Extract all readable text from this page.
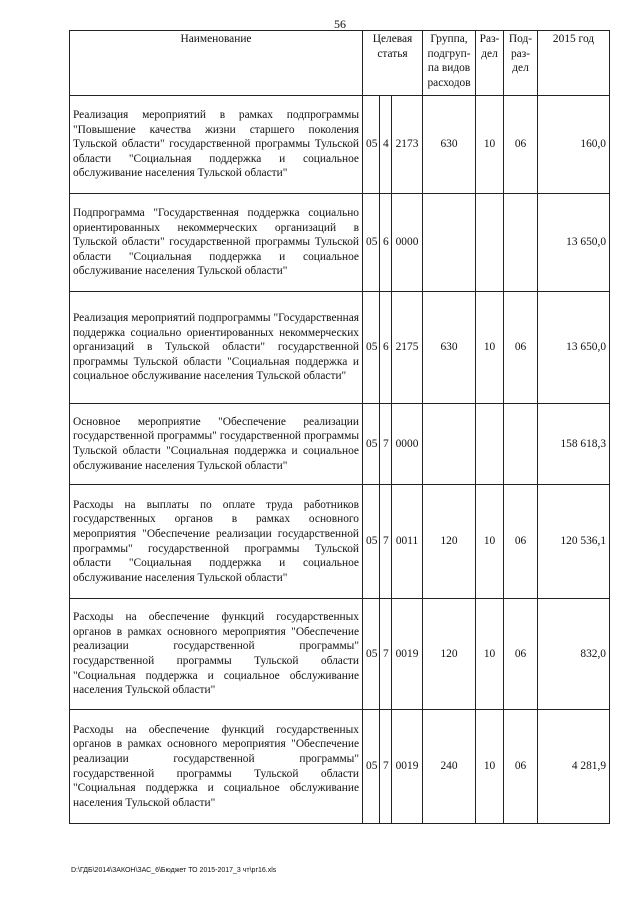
56
Наименование	Целевая статья			Группа, подгруп-па видов расходов	Раз-дел	Под-раз-дел	2015 год
Реализация мероприятий в рамках подпрограммы "Повышение качества жизни старшего поколения Тульской области" государственной программы Тульской области "Социальная поддержка и социальное обслуживание населения Тульской области"	05	4	2173	630	10	06	160,0
Подпрограмма "Государственная поддержка социально ориентированных некоммерческих организаций в Тульской области" государственной программы Тульской области "Социальная поддержка и социальное обслуживание населения Тульской области"	05	6	0000				13 650,0
Реализация мероприятий подпрограммы "Государственная поддержка социально ориентированных некоммерческих организаций в Тульской области" государственной программы Тульской области "Социальная поддержка и социальное обслуживание населения Тульской области"	05	6	2175	630	10	06	13 650,0
Основное мероприятие "Обеспечение реализации государственной программы" государственной программы Тульской области "Социальная поддержка и социальное обслуживание населения Тульской области"	05	7	0000				158 618,3
Расходы на выплаты по оплате труда работников государственных органов в рамках основного мероприятия "Обеспечение реализации государственной программы" государственной программы Тульской области "Социальная поддержка и социальное обслуживание населения Тульской области"	05	7	0011	120	10	06	120 536,1
Расходы на обеспечение функций государственных органов в рамках основного мероприятия "Обеспечение реализации государственной программы" государственной программы Тульской области "Социальная поддержка и социальное обслуживание населения Тульской области"	05	7	0019	120	10	06	832,0
Расходы на обеспечение функций государственных органов в рамках основного мероприятия "Обеспечение реализации государственной программы" государственной программы Тульской области "Социальная поддержка и социальное обслуживание населения Тульской области"	05	7	0019	240	10	06	4 281,9
D:\ГДБ\2014\ЗАКОН\ЗАС_6\Бюджет ТО 2015-2017_3 чт\рг16.xls
